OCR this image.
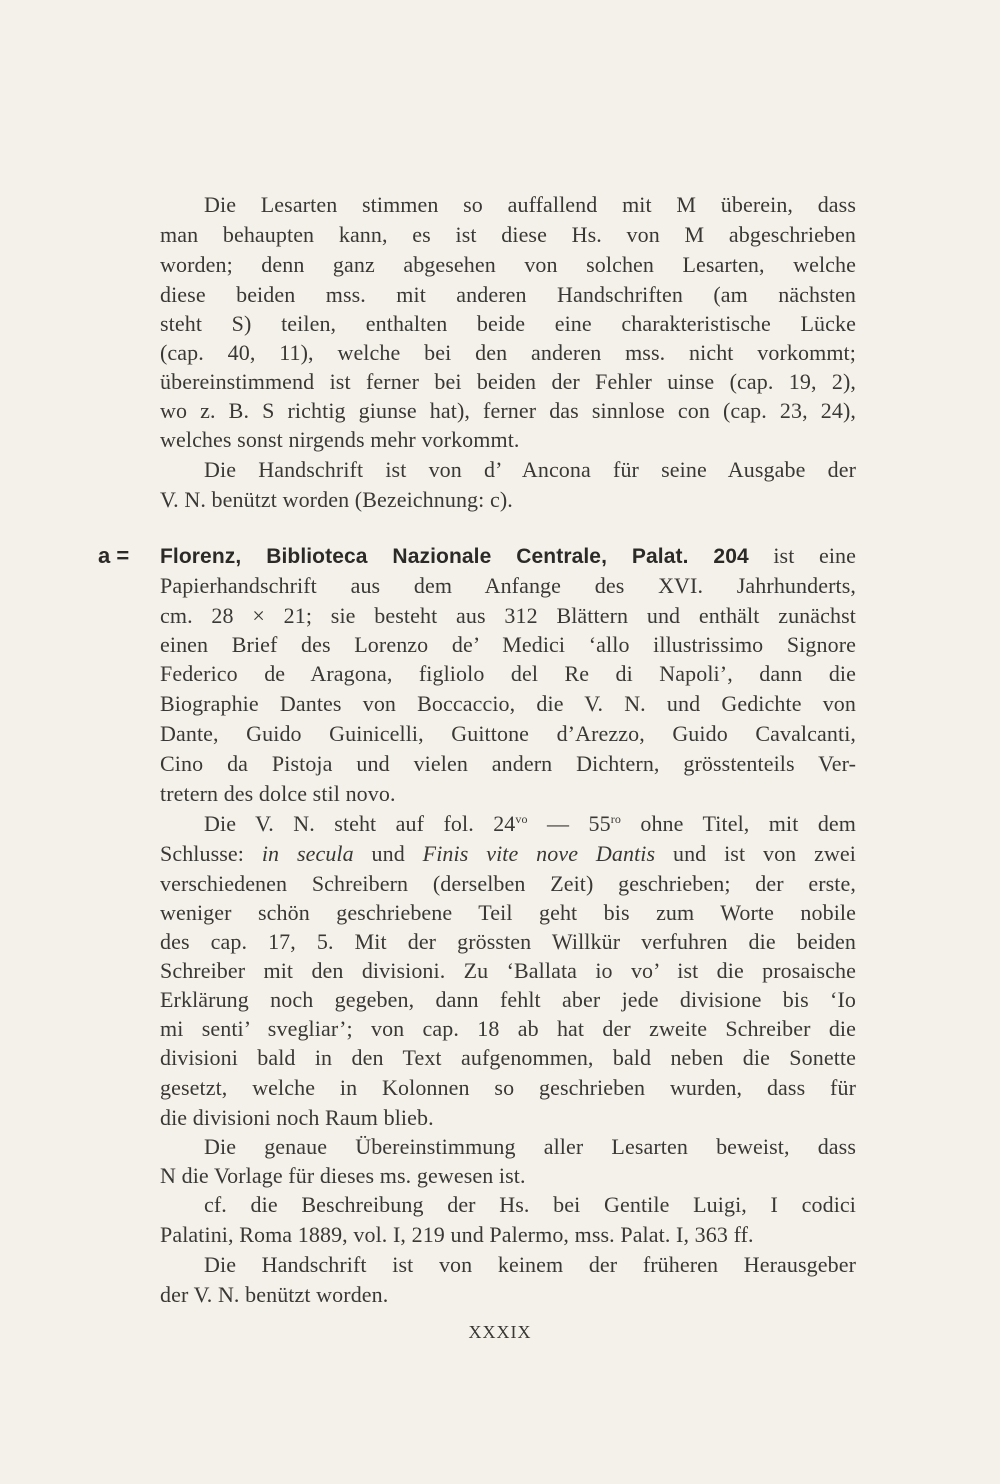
Die Lesarten stimmen so auffallend mit M überein, dass
man behaupten kann, es ist diese Hs. von M abgeschrieben
worden; denn ganz abgesehen von solchen Lesarten, welche
diese beiden mss. mit anderen Handschriften (am nächsten
steht S) teilen, enthalten beide eine charakteristische Lücke
(cap. 40, 11), welche bei den anderen mss. nicht vorkommt;
übereinstimmend ist ferner bei beiden der Fehler uinse (cap. 19, 2),
wo z. B. S richtig giunse hat), ferner das sinnlose con (cap. 23, 24),
welches sonst nirgends mehr vorkommt.
Die Handschrift ist von d’ Ancona für seine Ausgabe der
V. N. benützt worden (Bezeichnung: c).
a = Florenz, Biblioteca Nazionale Centrale, Palat. 204 ist eine
Papierhandschrift aus dem Anfange des XVI. Jahrhunderts,
cm. 28 × 21; sie besteht aus 312 Blättern und enthält zunächst
einen Brief des Lorenzo de’ Medici ‘allo illustrissimo Signore
Federico de Aragona, figliolo del Re di Napoli’, dann die
Biographie Dantes von Boccaccio, die V. N. und Gedichte von
Dante, Guido Guinicelli, Guittone d’Arezzo, Guido Cavalcanti,
Cino da Pistoja und vielen andern Dichtern, grösstenteils Ver-
tretern des dolce stil novo.
Die V. N. steht auf fol. $24^{vo}$ — $55^{ro}$ ohne Titel, mit dem
Schlusse: in secula und Finis vite nove Dantis und ist von zwei
verschiedenen Schreibern (derselben Zeit) geschrieben; der erste,
weniger schön geschriebene Teil geht bis zum Worte nobile
des cap. 17, 5. Mit der grössten Willkür verfuhren die beiden
Schreiber mit den divisioni. Zu ‘Ballata io vo’ ist die prosaische
Erklärung noch gegeben, dann fehlt aber jede divisione bis ‘Io
mi senti’ svegliar’; von cap. 18 ab hat der zweite Schreiber die
divisioni bald in den Text aufgenommen, bald neben die Sonette
gesetzt, welche in Kolonnen so geschrieben wurden, dass für
die divisioni noch Raum blieb.
Die genaue Übereinstimmung aller Lesarten beweist, dass
N die Vorlage für dieses ms. gewesen ist.
cf. die Beschreibung der Hs. bei Gentile Luigi, I codici
Palatini, Roma 1889, vol. I, 219 und Palermo, mss. Palat. I, 363 ff.
Die Handschrift ist von keinem der früheren Herausgeber
der V. N. benützt worden.
XXXIX
